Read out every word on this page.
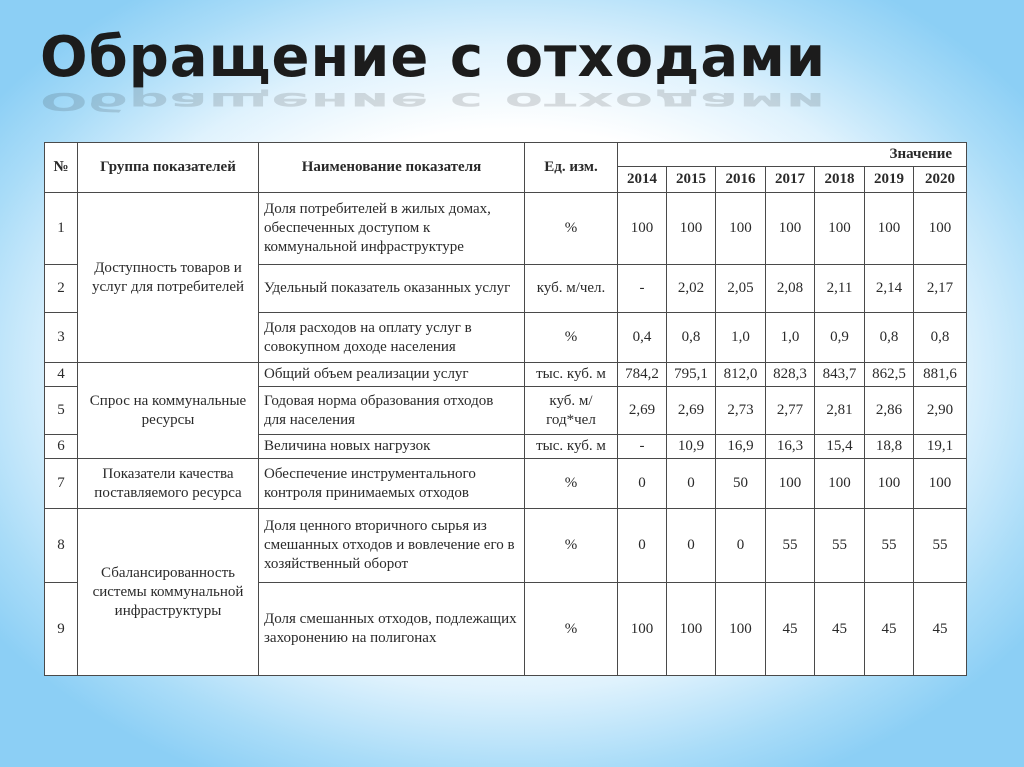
Обращение с отходами
Обращение с отходами
№	Группа показателей	Наименование показателя	Ед. изм.	Значение						
				2014	2015	2016	2017	2018	2019	2020
1	Доступность товаров и услуг для потребителей	Доля потребителей в жилых домах, обеспеченных доступом к коммунальной инфраструктуре	%	100	100	100	100	100	100	100
2		Удельный показатель оказанных услуг	куб. м/чел.	-	2,02	2,05	2,08	2,11	2,14	2,17
3		Доля расходов на оплату услуг в совокупном доходе населения	%	0,4	0,8	1,0	1,0	0,9	0,8	0,8
4	Спрос на коммунальные ресурсы	Общий объем реализации услуг	тыс. куб. м	784,2	795,1	812,0	828,3	843,7	862,5	881,6
5		Годовая норма образования отходов для населения	куб. м/год*чел	2,69	2,69	2,73	2,77	2,81	2,86	2,90
6		Величина новых нагрузок	тыс. куб. м	-	10,9	16,9	16,3	15,4	18,8	19,1
7	Показатели качества поставляемого ресурса	Обеспечение инструментального контроля принимаемых отходов	%	0	0	50	100	100	100	100
8	Сбалансированность системы коммунальной инфраструктуры	Доля ценного вторичного сырья из смешанных отходов и вовлечение его в хозяйственный оборот	%	0	0	0	55	55	55	55
9		Доля смешанных отходов, подлежащих захоронению на полигонах	%	100	100	100	45	45	45	45
